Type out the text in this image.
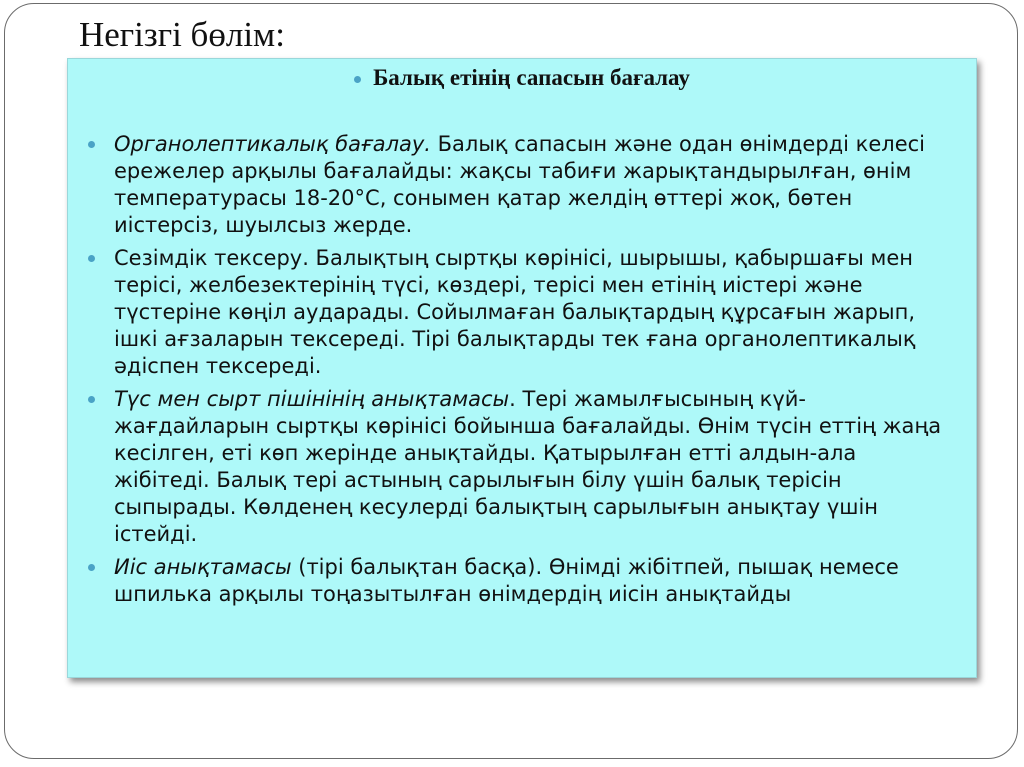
Негізгі бөлім:
Балық етінің сапасын бағалау
Органолептикалық бағалау. Балық сапасын және одан өнімдерді келесі ережелер арқылы бағалайды: жақсы табиғи жарықтандырылған, өнім температурасы 18-20°С, сонымен қатар желдің өттері жоқ, бөтен иістерсіз, шуылсыз жерде.
Сезімдік тексеру. Балықтың сыртқы көрінісі, шырышы, қабыршағы мен терісі, желбезектерінің түсі, көздері, терісі мен етінің иістері және түстеріне көңіл аударады. Сойылмаған балықтардың құрсағын жарып, ішкі ағзаларын тексереді. Тірі балықтарды тек ғана органолептикалық әдіспен тексереді.
Түс мен сырт пішінінің анықтамасы. Тері жамылғысының күй-жағдайларын сыртқы көрінісі бойынша бағалайды. Өнім түсін еттің жаңа кесілген, еті көп жерінде анықтайды. Қатырылған етті алдын-ала жібітеді. Балық тері астының сарылығын білу үшін балық терісін сыпырады. Көлденең кесулерді балықтың сарылығын анықтау үшін істейді.
Иіс анықтамасы (тірі балықтан басқа). Өнімді жібітпей, пышақ немесе шпилька арқылы тоңазытылған өнімдердің иісін анықтайды
